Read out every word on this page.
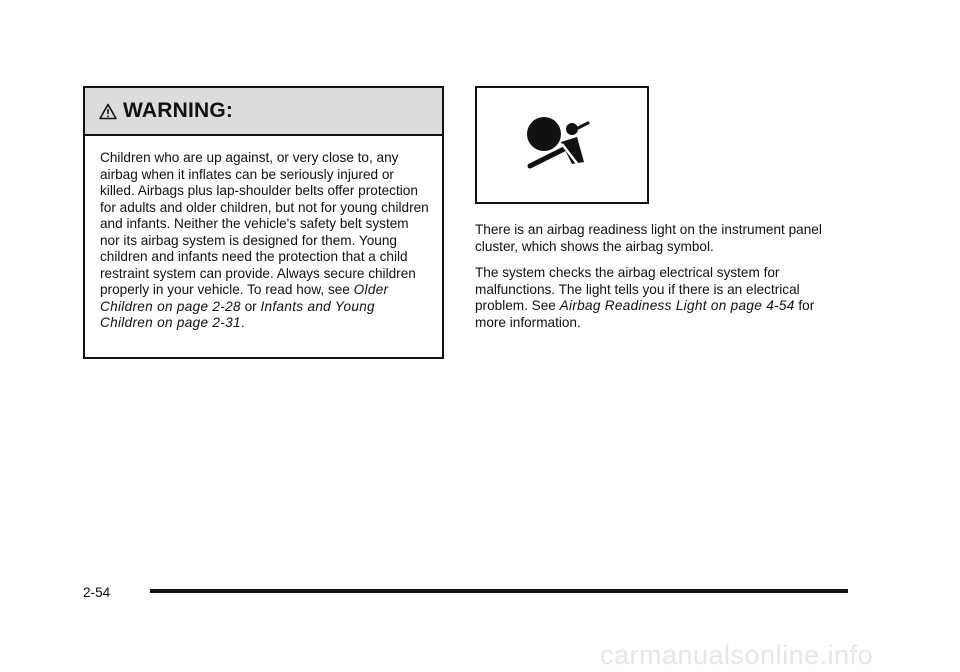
WARNING:

Children who are up against, or very close to, any airbag when it inflates can be seriously injured or killed. Airbags plus lap-shoulder belts offer protection for adults and older children, but not for young children and infants. Neither the vehicle's safety belt system nor its airbag system is designed for them. Young children and infants need the protection that a child restraint system can provide. Always secure children properly in your vehicle. To read how, see Older Children on page 2-28 or Infants and Young Children on page 2-31.

There is an airbag readiness light on the instrument panel cluster, which shows the airbag symbol.

The system checks the airbag electrical system for malfunctions. The light tells you if there is an electrical problem. See Airbag Readiness Light on page 4-54 for more information.

2-54
carmanualsonline.info
